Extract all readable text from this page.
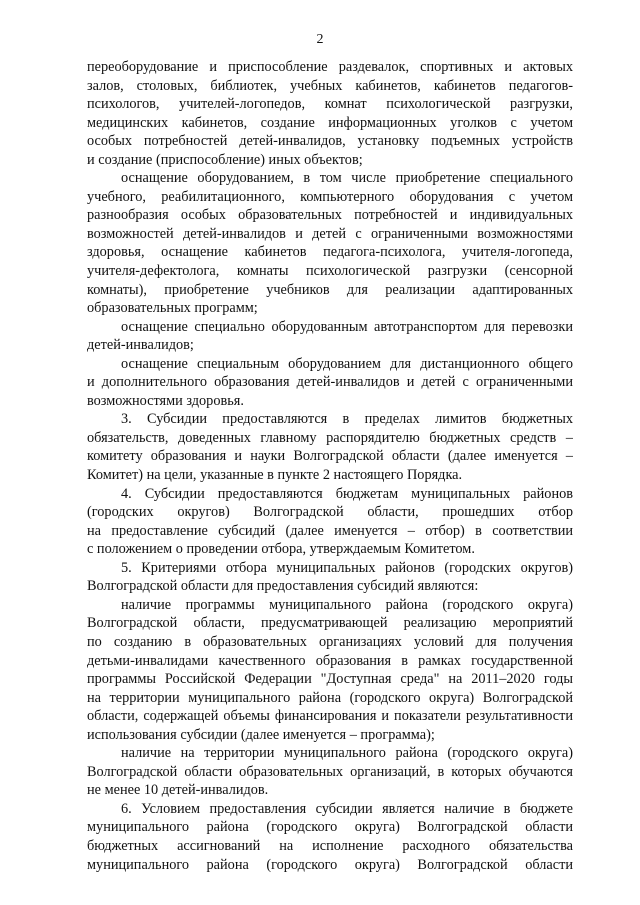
2
переоборудование и приспособление раздевалок, спортивных и актовых
залов, столовых, библиотек, учебных кабинетов, кабинетов педагогов-
психологов, учителей-логопедов, комнат психологической разгрузки,
медицинских кабинетов, создание информационных уголков с учетом
особых потребностей детей-инвалидов, установку подъемных устройств
и создание (приспособление) иных объектов;
оснащение оборудованием, в том числе приобретение специального
учебного, реабилитационного, компьютерного оборудования с учетом
разнообразия особых образовательных потребностей и индивидуальных
возможностей детей-инвалидов и детей с ограниченными возможностями
здоровья, оснащение кабинетов педагога-психолога, учителя-логопеда,
учителя-дефектолога, комнаты психологической разгрузки (сенсорной
комнаты), приобретение учебников для реализации адаптированных
образовательных программ;
оснащение специально оборудованным автотранспортом для перевозки
детей-инвалидов;
оснащение специальным оборудованием для дистанционного общего
и дополнительного образования детей-инвалидов и детей с ограниченными
возможностями здоровья.
3. Субсидии предоставляются в пределах лимитов бюджетных
обязательств, доведенных главному распорядителю бюджетных средств –
комитету образования и науки Волгоградской области (далее именуется –
Комитет) на цели, указанные в пункте 2 настоящего Порядка.
4. Субсидии предоставляются бюджетам муниципальных районов
(городских округов) Волгоградской области, прошедших отбор
на предоставление субсидий (далее именуется – отбор) в соответствии
с положением о проведении отбора, утверждаемым Комитетом.
5. Критериями отбора муниципальных районов (городских округов)
Волгоградской области для предоставления субсидий являются:
наличие программы муниципального района (городского округа)
Волгоградской области, предусматривающей реализацию мероприятий
по созданию в образовательных организациях условий для получения
детьми-инвалидами качественного образования в рамках государственной
программы Российской Федерации "Доступная среда" на 2011–2020 годы
на территории муниципального района (городского округа) Волгоградской
области, содержащей объемы финансирования и показатели результативности
использования субсидии (далее именуется – программа);
наличие на территории муниципального района (городского округа)
Волгоградской области образовательных организаций, в которых обучаются
не менее 10 детей-инвалидов.
6. Условием предоставления субсидии является наличие в бюджете
муниципального района (городского округа) Волгоградской области
бюджетных ассигнований на исполнение расходного обязательства
муниципального района (городского округа) Волгоградской области
